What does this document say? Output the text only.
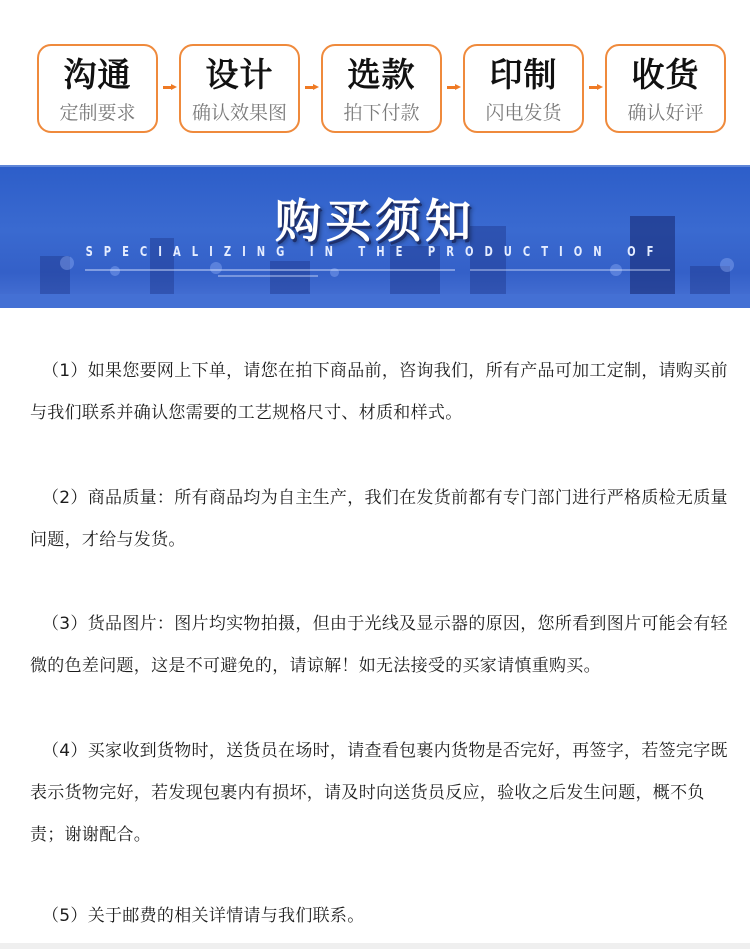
沟通
定制要求
设计
确认效果图
选款
拍下付款
印制
闪电发货
收货
确认好评
购买须知
SPECIALIZING IN THE PRODUCTION OF

（1）如果您要网上下单，请您在拍下商品前，咨询我们，所有产品可加工定制，请购买前与我们联系并确认您需要的工艺规格尺寸、材质和样式。

（2）商品质量：所有商品均为自主生产，我们在发货前都有专门部门进行严格质检无质量问题，才给与发货。

（3）货品图片：图片均实物拍摄，但由于光线及显示器的原因，您所看到图片可能会有轻微的色差问题，这是不可避免的，请谅解！如无法接受的买家请慎重购买。

（4）买家收到货物时，送货员在场时，请查看包裹内货物是否完好，再签字，若签完字既表示货物完好，若发现包裹内有损坏，请及时向送货员反应，验收之后发生问题，概不负责；谢谢配合。

（5）关于邮费的相关详情请与我们联系。
